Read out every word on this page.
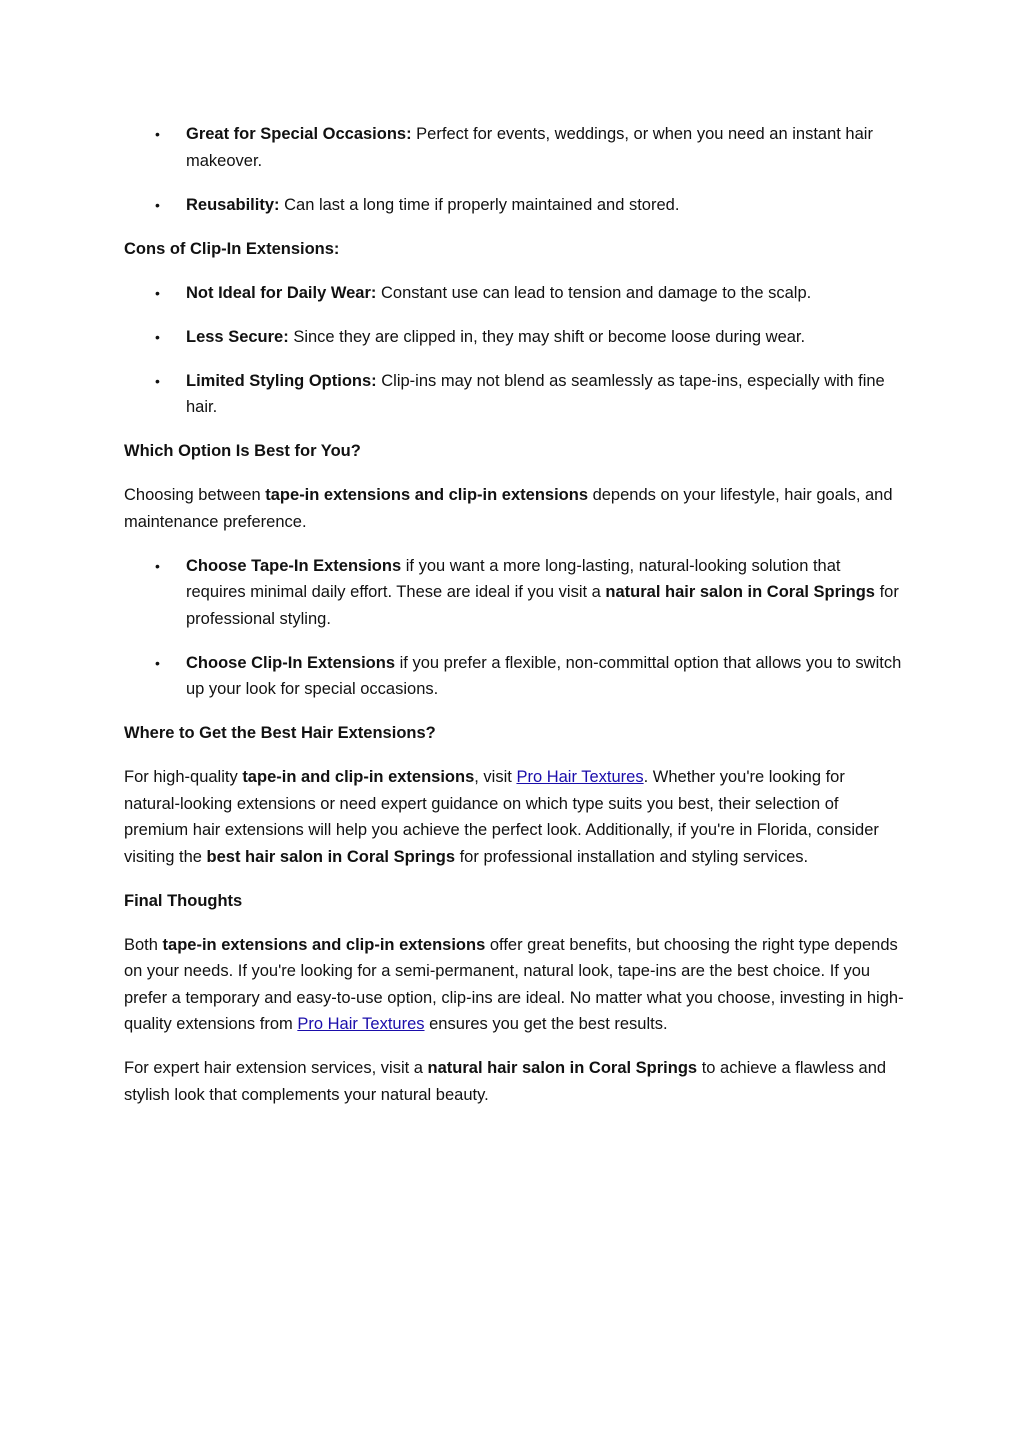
• Great for Special Occasions: Perfect for events, weddings, or when you need an instant hair makeover.
• Reusability: Can last a long time if properly maintained and stored.

Cons of Clip-In Extensions:

• Not Ideal for Daily Wear: Constant use can lead to tension and damage to the scalp.
• Less Secure: Since they are clipped in, they may shift or become loose during wear.
• Limited Styling Options: Clip-ins may not blend as seamlessly as tape-ins, especially with fine hair.

Which Option Is Best for You?

Choosing between tape-in extensions and clip-in extensions depends on your lifestyle, hair goals, and maintenance preference.

• Choose Tape-In Extensions if you want a more long-lasting, natural-looking solution that requires minimal daily effort. These are ideal if you visit a natural hair salon in Coral Springs for professional styling.
• Choose Clip-In Extensions if you prefer a flexible, non-committal option that allows you to switch up your look for special occasions.

Where to Get the Best Hair Extensions?

For high-quality tape-in and clip-in extensions, visit Pro Hair Textures. Whether you're looking for natural-looking extensions or need expert guidance on which type suits you best, their selection of premium hair extensions will help you achieve the perfect look. Additionally, if you're in Florida, consider visiting the best hair salon in Coral Springs for professional installation and styling services.

Final Thoughts

Both tape-in extensions and clip-in extensions offer great benefits, but choosing the right type depends on your needs. If you're looking for a semi-permanent, natural look, tape-ins are the best choice. If you prefer a temporary and easy-to-use option, clip-ins are ideal. No matter what you choose, investing in high-quality extensions from Pro Hair Textures ensures you get the best results.

For expert hair extension services, visit a natural hair salon in Coral Springs to achieve a flawless and stylish look that complements your natural beauty.
